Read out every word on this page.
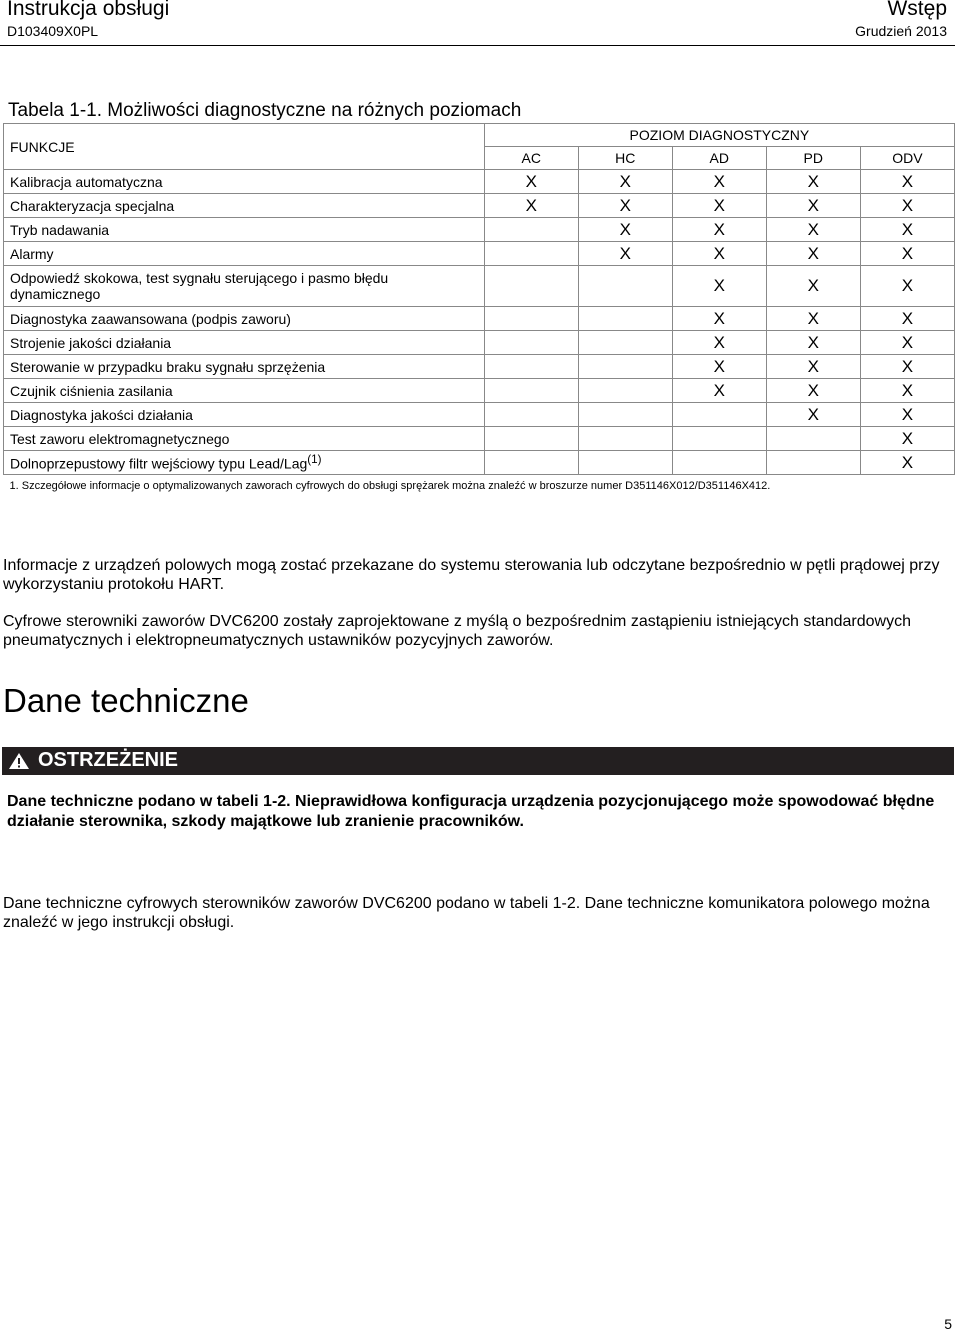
Instrukcja obsługi
D103409X0PL
Wstęp
Grudzień 2013
Tabela 1-1. Możliwości diagnostyczne na różnych poziomach
FUNKCJE	POZIOM DIAGNOSTYCZNY				
	AC	HC	AD	PD	ODV
Kalibracja automatyczna	X	X	X	X	X
Charakteryzacja specjalna	X	X	X	X	X
Tryb nadawania		X	X	X	X
Alarmy		X	X	X	X
Odpowiedź skokowa, test sygnału sterującego i pasmo błędu dynamicznego			X	X	X
Diagnostyka zaawansowana (podpis zaworu)			X	X	X
Strojenie jakości działania			X	X	X
Sterowanie w przypadku braku sygnału sprzężenia			X	X	X
Czujnik ciśnienia zasilania			X	X	X
Diagnostyka jakości działania				X	X
Test zaworu elektromagnetycznego					X
Dolnoprzepustowy filtr wejściowy typu Lead/Lag$^{(1)}$					X
1. Szczegółowe informacje o optymalizowanych zaworach cyfrowych do obsługi sprężarek można znaleźć w broszurze numer D351146X012/D351146X412.					
Informacje z urządzeń polowych mogą zostać przekazane do systemu sterowania lub odczytane bezpośrednio w pętli prądowej przy wykorzystaniu protokołu HART.
Cyfrowe sterowniki zaworów DVC6200 zostały zaprojektowane z myślą o bezpośrednim zastąpieniu istniejących standardowych pneumatycznych i elektropneumatycznych ustawników pozycyjnych zaworów.
Dane techniczne
OSTRZEŻENIE
Dane techniczne podano w tabeli 1-2. Nieprawidłowa konfiguracja urządzenia pozycjonującego może spowodować błędne działanie sterownika, szkody majątkowe lub zranienie pracowników.
Dane techniczne cyfrowych sterowników zaworów DVC6200 podano w tabeli 1-2. Dane techniczne komunikatora polowego można znaleźć w jego instrukcji obsługi.
5
